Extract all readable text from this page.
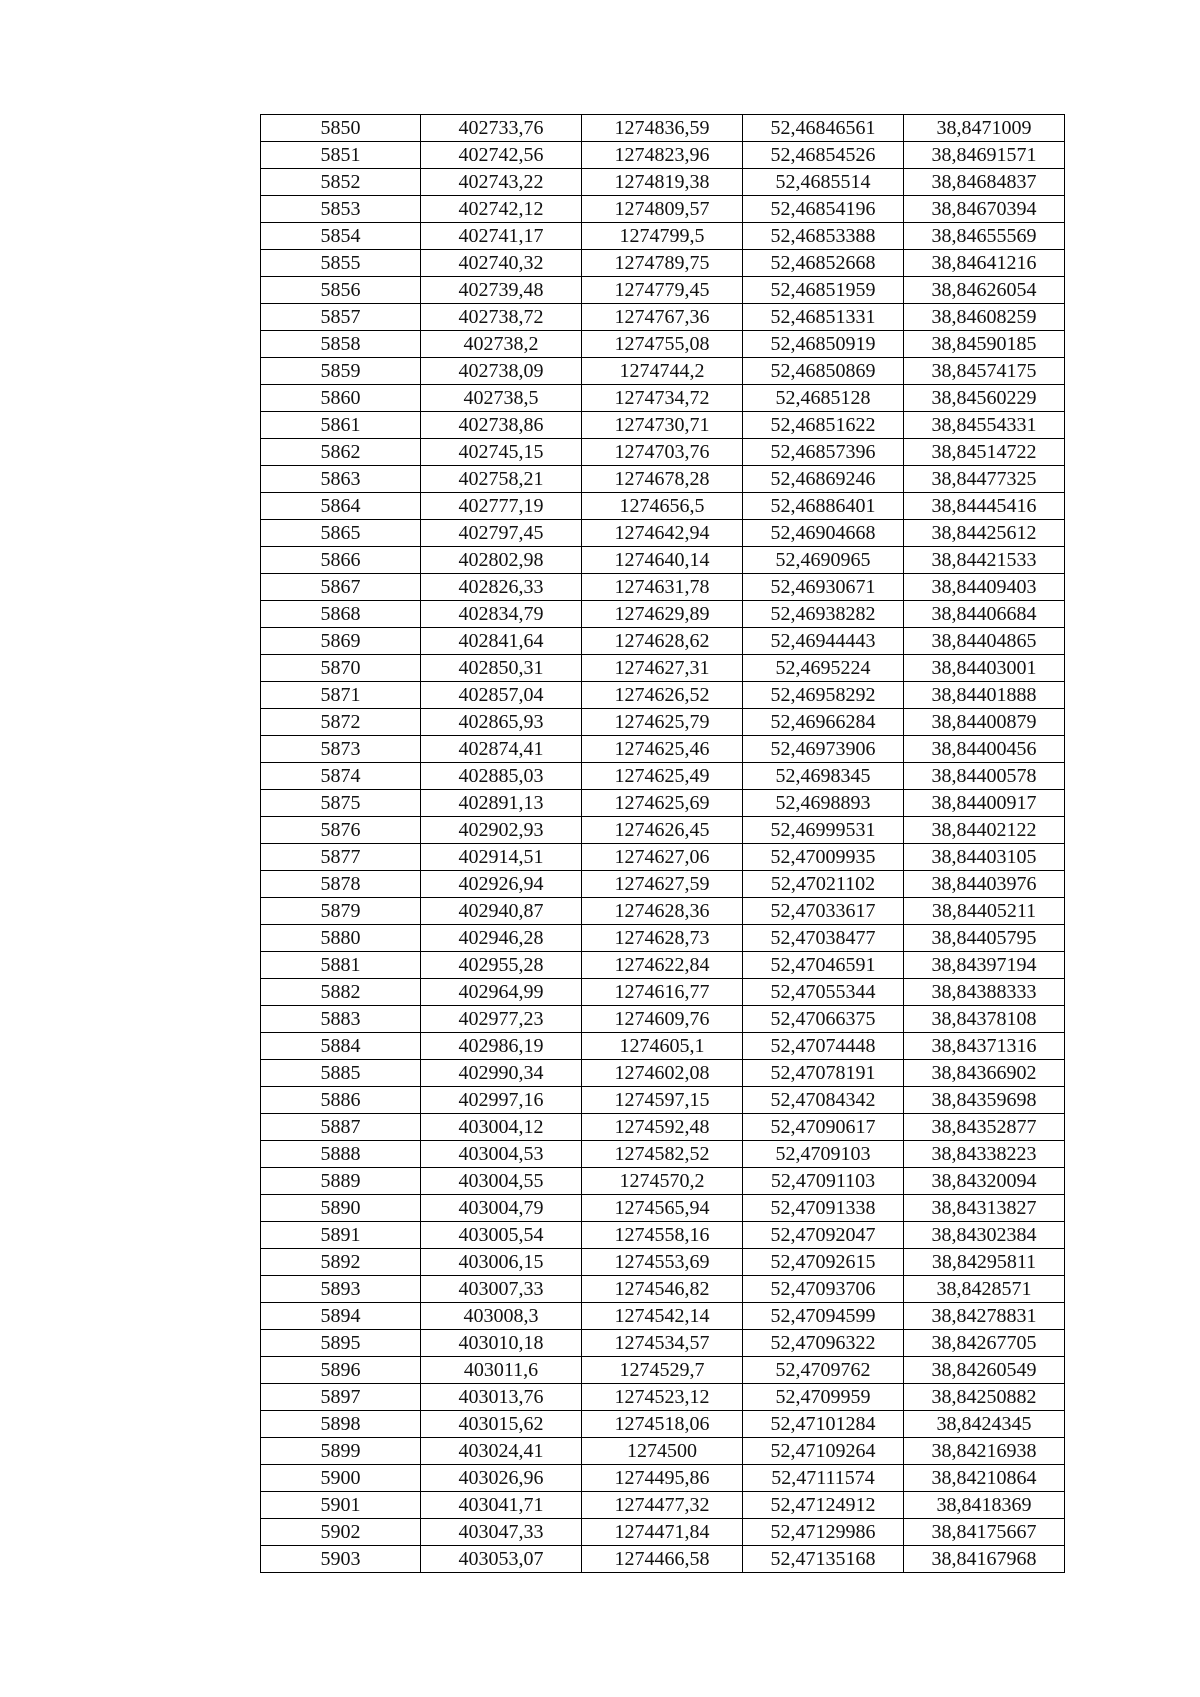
5850	402733,76	1274836,59	52,46846561	38,8471009
5851	402742,56	1274823,96	52,46854526	38,84691571
5852	402743,22	1274819,38	52,4685514	38,84684837
5853	402742,12	1274809,57	52,46854196	38,84670394
5854	402741,17	1274799,5	52,46853388	38,84655569
5855	402740,32	1274789,75	52,46852668	38,84641216
5856	402739,48	1274779,45	52,46851959	38,84626054
5857	402738,72	1274767,36	52,46851331	38,84608259
5858	402738,2	1274755,08	52,46850919	38,84590185
5859	402738,09	1274744,2	52,46850869	38,84574175
5860	402738,5	1274734,72	52,4685128	38,84560229
5861	402738,86	1274730,71	52,46851622	38,84554331
5862	402745,15	1274703,76	52,46857396	38,84514722
5863	402758,21	1274678,28	52,46869246	38,84477325
5864	402777,19	1274656,5	52,46886401	38,84445416
5865	402797,45	1274642,94	52,46904668	38,84425612
5866	402802,98	1274640,14	52,4690965	38,84421533
5867	402826,33	1274631,78	52,46930671	38,84409403
5868	402834,79	1274629,89	52,46938282	38,84406684
5869	402841,64	1274628,62	52,46944443	38,84404865
5870	402850,31	1274627,31	52,4695224	38,84403001
5871	402857,04	1274626,52	52,46958292	38,84401888
5872	402865,93	1274625,79	52,46966284	38,84400879
5873	402874,41	1274625,46	52,46973906	38,84400456
5874	402885,03	1274625,49	52,4698345	38,84400578
5875	402891,13	1274625,69	52,4698893	38,84400917
5876	402902,93	1274626,45	52,46999531	38,84402122
5877	402914,51	1274627,06	52,47009935	38,84403105
5878	402926,94	1274627,59	52,47021102	38,84403976
5879	402940,87	1274628,36	52,47033617	38,84405211
5880	402946,28	1274628,73	52,47038477	38,84405795
5881	402955,28	1274622,84	52,47046591	38,84397194
5882	402964,99	1274616,77	52,47055344	38,84388333
5883	402977,23	1274609,76	52,47066375	38,84378108
5884	402986,19	1274605,1	52,47074448	38,84371316
5885	402990,34	1274602,08	52,47078191	38,84366902
5886	402997,16	1274597,15	52,47084342	38,84359698
5887	403004,12	1274592,48	52,47090617	38,84352877
5888	403004,53	1274582,52	52,4709103	38,84338223
5889	403004,55	1274570,2	52,47091103	38,84320094
5890	403004,79	1274565,94	52,47091338	38,84313827
5891	403005,54	1274558,16	52,47092047	38,84302384
5892	403006,15	1274553,69	52,47092615	38,84295811
5893	403007,33	1274546,82	52,47093706	38,8428571
5894	403008,3	1274542,14	52,47094599	38,84278831
5895	403010,18	1274534,57	52,47096322	38,84267705
5896	403011,6	1274529,7	52,4709762	38,84260549
5897	403013,76	1274523,12	52,4709959	38,84250882
5898	403015,62	1274518,06	52,47101284	38,8424345
5899	403024,41	1274500	52,47109264	38,84216938
5900	403026,96	1274495,86	52,47111574	38,84210864
5901	403041,71	1274477,32	52,47124912	38,8418369
5902	403047,33	1274471,84	52,47129986	38,84175667
5903	403053,07	1274466,58	52,47135168	38,84167968
